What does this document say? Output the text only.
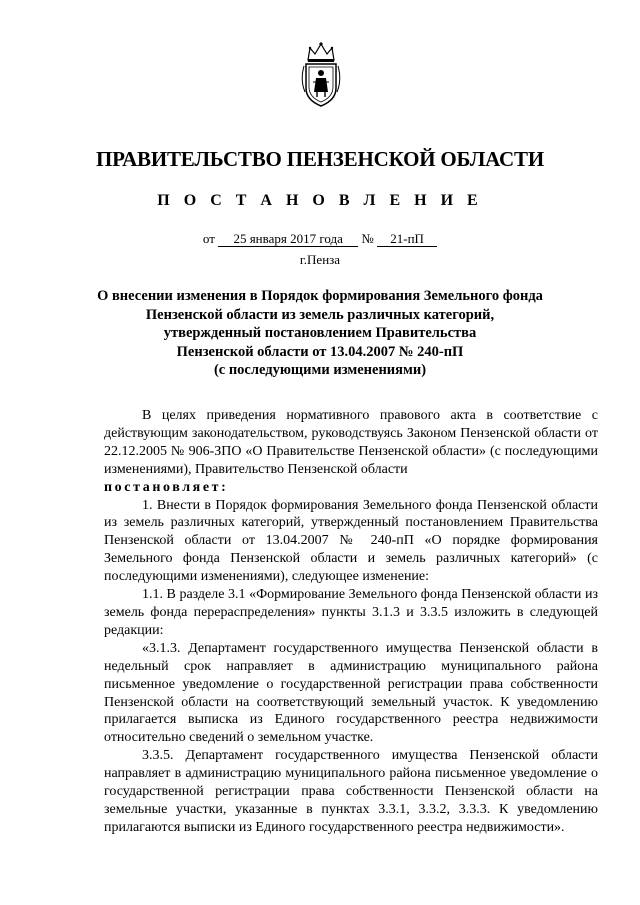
ПРАВИТЕЛЬСТВО ПЕНЗЕНСКОЙ ОБЛАСТИ
П О С Т А Н О В Л Е Н И Е
от 25 января 2017 года № 21-пП
г.Пенза
О внесении изменения в Порядок формирования Земельного фонда
Пензенской области из земель различных категорий,
утвержденный постановлением Правительства
Пензенской области от 13.04.2007 № 240-пП
(с последующими изменениями)

В целях приведения нормативного правового акта в соответствие с действующим законодательством, руководствуясь Законом Пензенской области от 22.12.2005 № 906-ЗПО «О Правительстве Пензенской области» (с последующими изменениями), Правительство Пензенской области

постановляет:

1. Внести в Порядок формирования Земельного фонда Пензенской области из земель различных категорий, утвержденный постановлением Правительства Пензенской области от 13.04.2007 № 240-пП «О порядке формирования Земельного фонда Пензенской области и земель различных категорий» (с последующими изменениями), следующее изменение:

1.1. В разделе 3.1 «Формирование Земельного фонда Пензенской области из земель фонда перераспределения» пункты 3.1.3 и 3.3.5 изложить в следующей редакции:

«3.1.3. Департамент государственного имущества Пензенской области в недельный срок направляет в администрацию муниципального района письменное уведомление о государственной регистрации права собственности Пензенской области на соответствующий земельный участок. К уведомлению прилагается выписка из Единого государственного реестра недвижимости относительно сведений о земельном участке.

3.3.5. Департамент государственного имущества Пензенской области направляет в администрацию муниципального района письменное уведомление о государственной регистрации права собственности Пензенской области на земельные участки, указанные в пунктах 3.3.1, 3.3.2, 3.3.3. К уведомлению прилагаются выписки из Единого государственного реестра недвижимости».
